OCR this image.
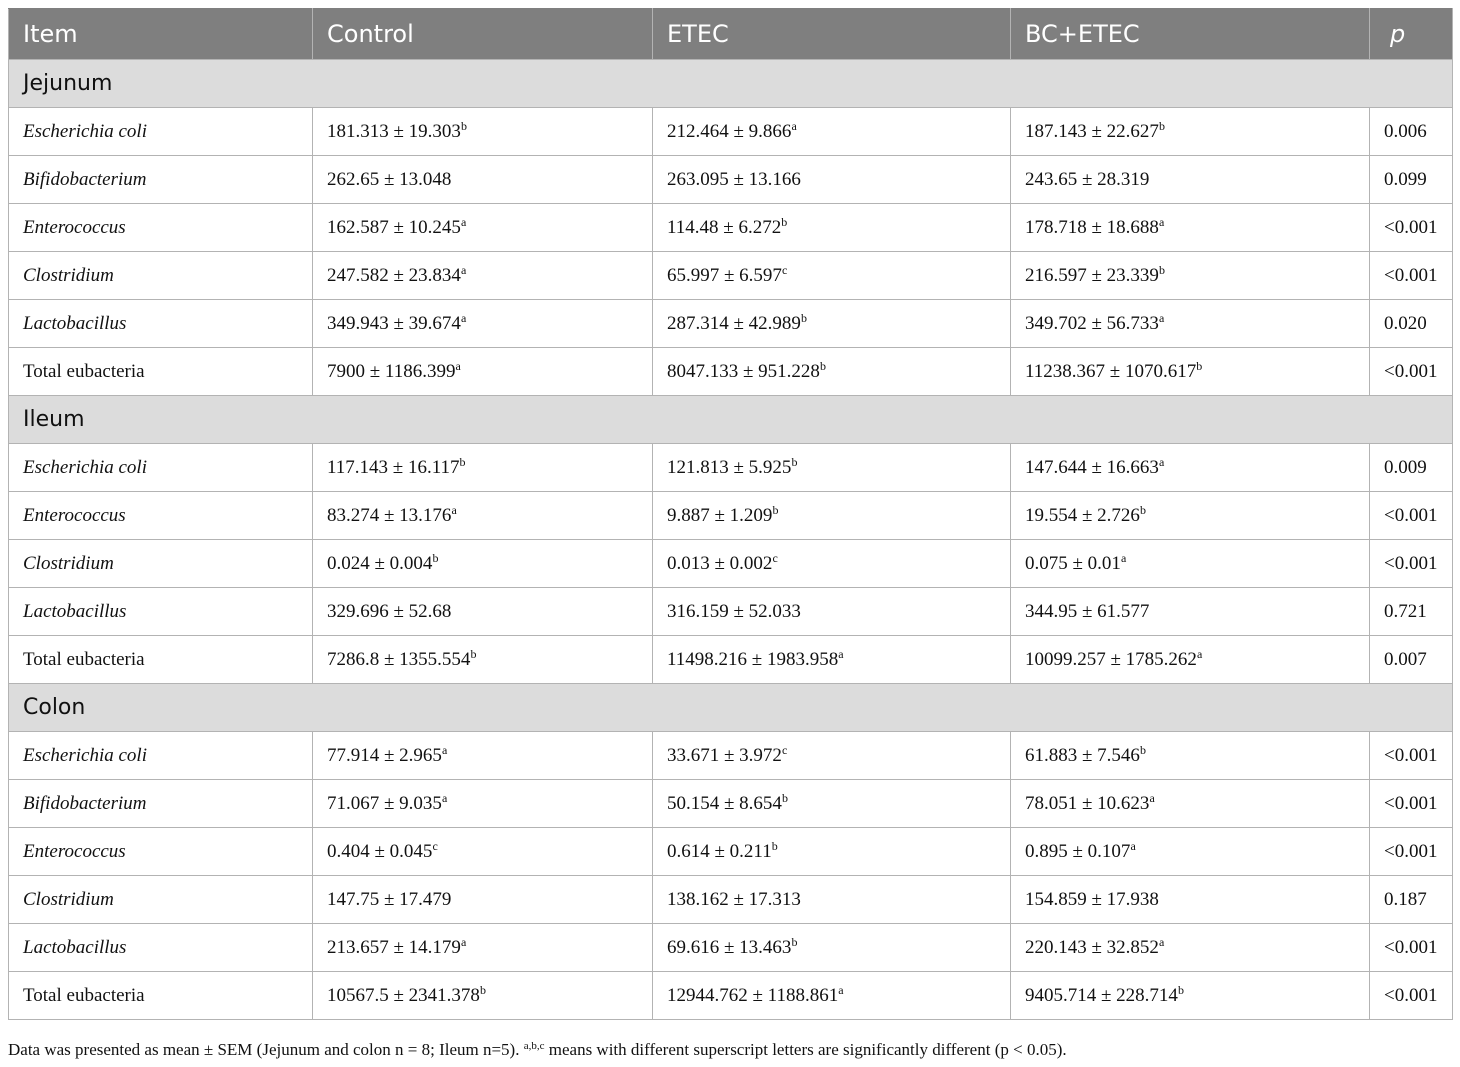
Item	Control	ETEC	BC+ETEC	p
Jejunum				
Escherichia coli	181.313 ± 19.303$^b$	212.464 ± 9.866$^a$	187.143 ± 22.627$^b$	0.006
Bifidobacterium	262.65 ± 13.048	263.095 ± 13.166	243.65 ± 28.319	0.099
Enterococcus	162.587 ± 10.245$^a$	114.48 ± 6.272$^b$	178.718 ± 18.688$^a$	<0.001
Clostridium	247.582 ± 23.834$^a$	65.997 ± 6.597$^c$	216.597 ± 23.339$^b$	<0.001
Lactobacillus	349.943 ± 39.674$^a$	287.314 ± 42.989$^b$	349.702 ± 56.733$^a$	0.020
Total eubacteria	7900 ± 1186.399$^a$	8047.133 ± 951.228$^b$	11238.367 ± 1070.617$^b$	<0.001
Ileum				
Escherichia coli	117.143 ± 16.117$^b$	121.813 ± 5.925$^b$	147.644 ± 16.663$^a$	0.009
Enterococcus	83.274 ± 13.176$^a$	9.887 ± 1.209$^b$	19.554 ± 2.726$^b$	<0.001
Clostridium	0.024 ± 0.004$^b$	0.013 ± 0.002$^c$	0.075 ± 0.01$^a$	<0.001
Lactobacillus	329.696 ± 52.68	316.159 ± 52.033	344.95 ± 61.577	0.721
Total eubacteria	7286.8 ± 1355.554$^b$	11498.216 ± 1983.958$^a$	10099.257 ± 1785.262$^a$	0.007
Colon				
Escherichia coli	77.914 ± 2.965$^a$	33.671 ± 3.972$^c$	61.883 ± 7.546$^b$	<0.001
Bifidobacterium	71.067 ± 9.035$^a$	50.154 ± 8.654$^b$	78.051 ± 10.623$^a$	<0.001
Enterococcus	0.404 ± 0.045$^c$	0.614 ± 0.211$^b$	0.895 ± 0.107$^a$	<0.001
Clostridium	147.75 ± 17.479	138.162 ± 17.313	154.859 ± 17.938	0.187
Lactobacillus	213.657 ± 14.179$^a$	69.616 ± 13.463$^b$	220.143 ± 32.852$^a$	<0.001
Total eubacteria	10567.5 ± 2341.378$^b$	12944.762 ± 1188.861$^a$	9405.714 ± 228.714$^b$	<0.001
Data was presented as mean ± SEM (Jejunum and colon n = 8; Ileum n=5). $^{a,b,c}$ means with different superscript letters are significantly different (p < 0.05).
